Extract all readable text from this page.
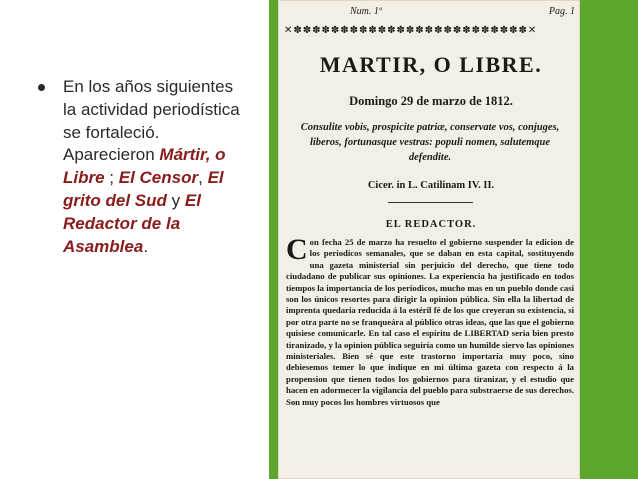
En los años siguientes la actividad periodística se fortaleció. Aparecieron Mártir, o Libre ; El Censor, El grito del Sud y El Redactor de la Asamblea.
Num. 1º	Pag. 1
✕✽✽✽✽✽✽✽✽✽✽✽✽✽✽✽✽✽✽✽✽✽✽✽✽✽✕
MARTIR, O LIBRE.
Domingo 29 de marzo de 1812.
Consulite vobis, prospicite patriæ, conservate vos, conjuges, liberos, fortunasque vestras: populi nomen, salutemque defendite.
Cicer. in L. Catilinam IV. II.
EL REDACTOR.
Con fecha 25 de marzo ha resuelto el gobierno suspender la edicion de los periodicos semanales, que se daban en esta capital, sostituyendo una gazeta ministerial sin perjuicio del derecho, que tiene todo ciudadano de publicar sus opiniones. La experiencia ha justificado en todos tiempos la importancia de los periodicos, mucho mas en un pueblo donde casi son los únicos resortes para dirigir la opinion pública. Sin ella la libertad de imprenta quedaria reducida á la estéril fé de los que creyeran su existencia, si por otra parte no se franqueára al público otras ideas, que las que el gobierno quisiese comunicarle. En tal caso el espiritu de LIBERTAD seria bien presto tiranizado, y la opinion pública seguiría como un humilde siervo las opiniones ministeriales. Bien sé que este trastorno importaría muy poco, sino debiesemos temer lo que indique en mi última gazeta con respecto á la propension que tienen todos los gobiernos para tiranizar, y el estudio que hacen en adormecer la vigilancia del pueblo para substraerse de sus derechos. Son muy pocos los hombres virtuosos que
